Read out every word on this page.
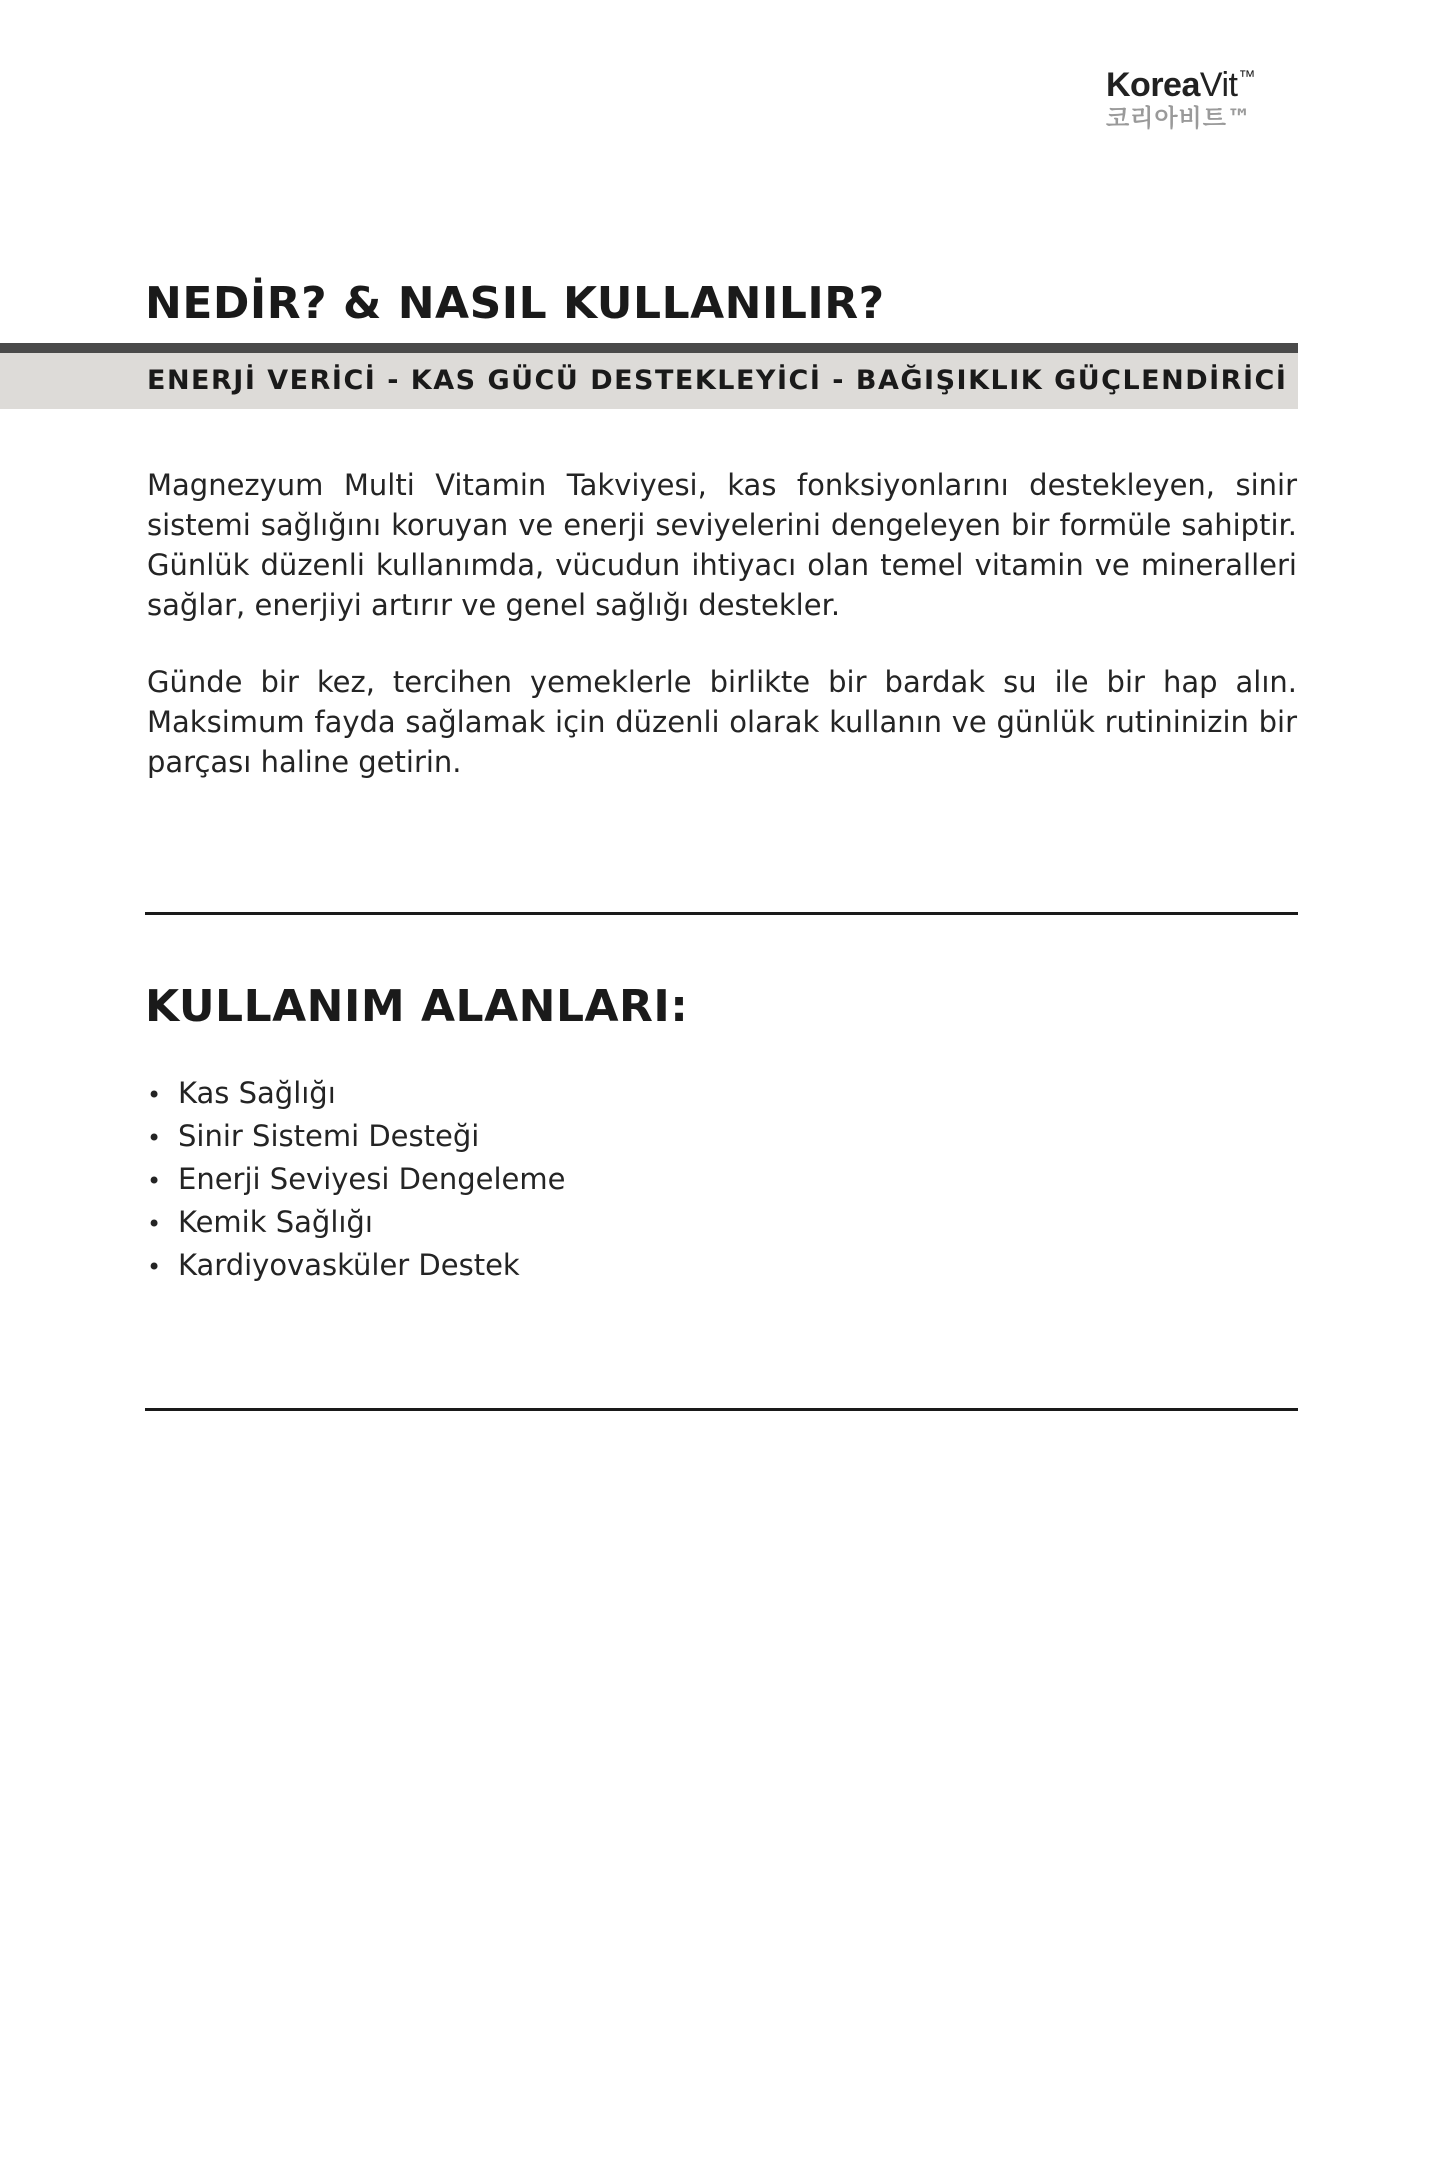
KoreaVit™
코리아비트™
NEDİR? & NASIL KULLANILIR?
ENERJİ VERİCİ - KAS GÜCÜ DESTEKLEYİCİ - BAĞIŞIKLIK GÜÇLENDİRİCİ

Magnezyum Multi Vitamin Takviyesi, kas fonksiyonlarını destekleyen, sinir sistemi sağlığını koruyan ve enerji seviyelerini dengeleyen bir formüle sahiptir. Günlük düzenli kullanımda, vücudun ihtiyacı olan temel vitamin ve mineralleri sağlar, enerjiyi artırır ve genel sağlığı destekler.

Günde bir kez, tercihen yemeklerle birlikte bir bardak su ile bir hap alın. Maksimum fayda sağlamak için düzenli olarak kullanın ve günlük rutininizin bir parçası haline getirin.

KULLANIM ALANLARI:
• Kas Sağlığı
• Sinir Sistemi Desteği
• Enerji Seviyesi Dengeleme
• Kemik Sağlığı
• Kardiyovasküler Destek
